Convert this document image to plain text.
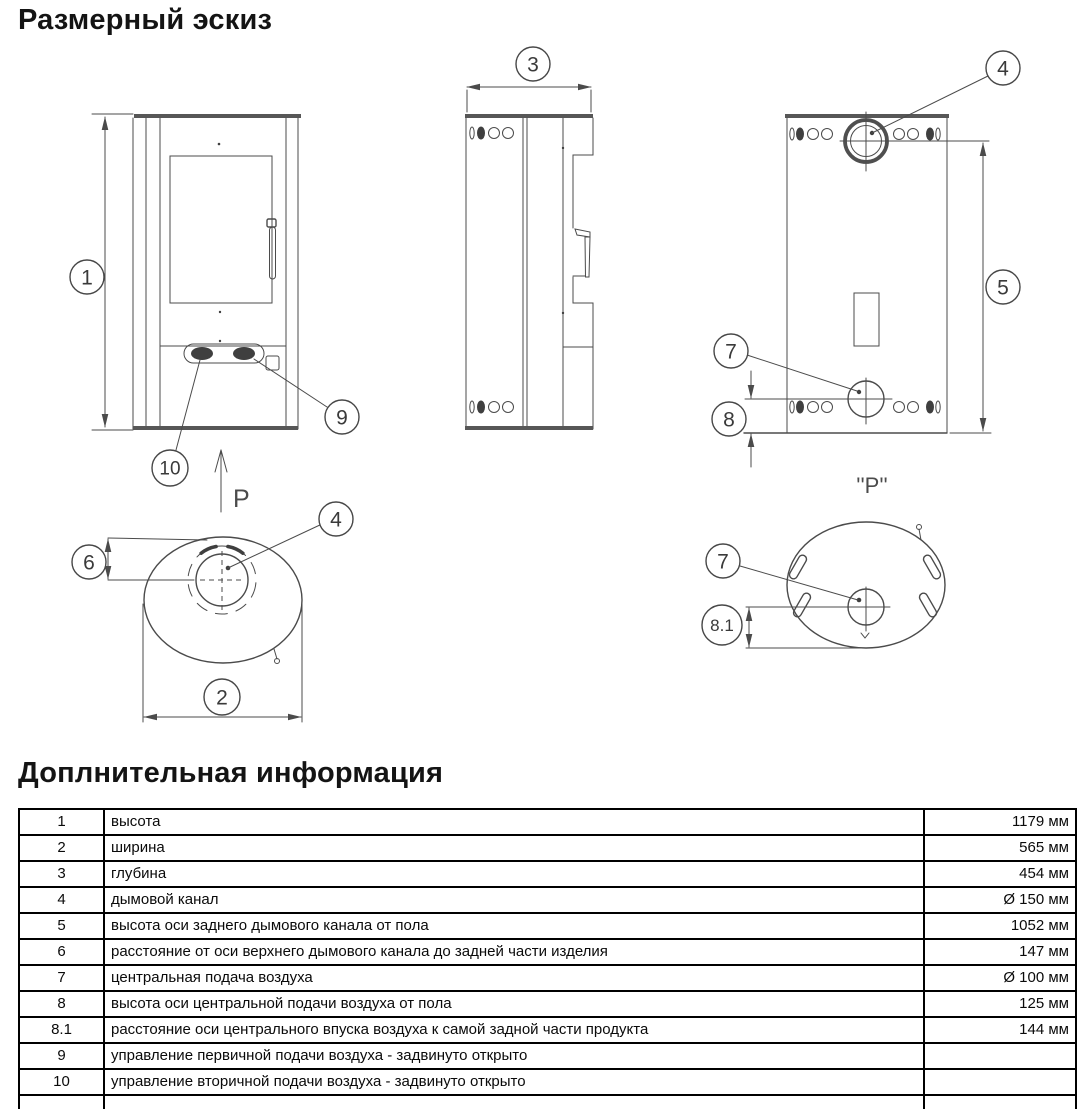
Размерный эскиз
1
9
10
P
3
5
4
7
8
''P''
4
6
2
7
8.1
Доплнительная информация
1	высота	1179 мм
2	ширина	565 мм
3	глубина	454 мм
4	дымовой канал	Ø 150 мм
5	высота оси заднего дымового канала от пола	1052 мм
6	расстояние от оси верхнего дымового канала до задней части изделия	147 мм
7	центральная подача воздуха	Ø 100 мм
8	высота оси центральной подачи воздуха от пола	125 мм
8.1	расстояние оси центрального впуска воздуха к самой задной части продукта	144 мм
9	управление первичной подачи воздуха - задвинуто открыто	
10	управление вторичной подачи воздуха - задвинуто открыто	
